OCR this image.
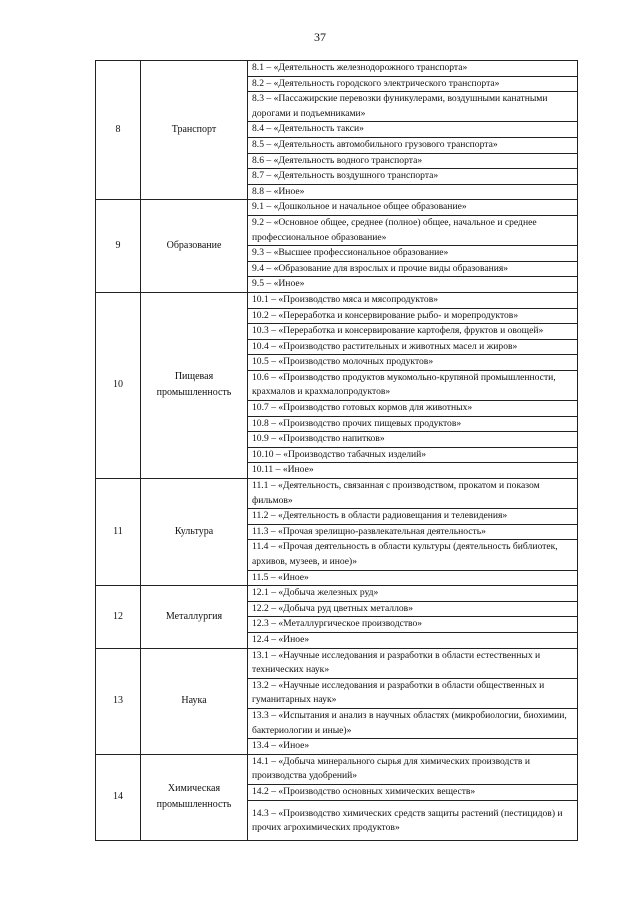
37
8	Транспорт	8.1 – «Деятельность железнодорожного транспорта»
		8.2 – «Деятельность городского электрического транспорта»
		8.3 – «Пассажирские перевозки фуникулерами, воздушными канатными дорогами и подъемниками»
		8.4 – «Деятельность такси»
		8.5 – «Деятельность автомобильного грузового транспорта»
		8.6 – «Деятельность водного транспорта»
		8.7 – «Деятельность воздушного транспорта»
		8.8 – «Иное»
9	Образование	9.1 – «Дошкольное и начальное общее образование»
		9.2 – «Основное общее, среднее (полное) общее, начальное и среднее профессиональное образование»
		9.3 – «Высшее профессиональное образование»
		9.4 – «Образование для взрослых и прочие виды образования»
		9.5 – «Иное»
10	Пищевая промышленность	10.1 – «Производство мяса и мясопродуктов»
		10.2 – «Переработка и консервирование рыбо- и морепродуктов»
		10.3 – «Переработка и консервирование картофеля, фруктов и овощей»
		10.4 – «Производство растительных и животных масел и жиров»
		10.5 – «Производство молочных продуктов»
		10.6 – «Производство продуктов мукомольно-крупяной промышленности, крахмалов и крахмалопродуктов»
		10.7 – «Производство готовых кормов для животных»
		10.8 – «Производство прочих пищевых продуктов»
		10.9 – «Производство напитков»
		10.10 – «Производство табачных изделий»
		10.11 – «Иное»
11	Культура	11.1 – «Деятельность, связанная с производством, прокатом и показом фильмов»
		11.2 – «Деятельность в области радиовещания и телевидения»
		11.3 – «Прочая зрелищно-развлекательная деятельность»
		11.4 – «Прочая деятельность в области культуры (деятельность библиотек, архивов, музеев, и иное)»
		11.5 – «Иное»
12	Металлургия	12.1 – «Добыча железных руд»
		12.2 – «Добыча руд цветных металлов»
		12.3 – «Металлургическое производство»
		12.4 – «Иное»
13	Наука	13.1 – «Научные исследования и разработки в области естественных и технических наук»
		13.2 – «Научные исследования и разработки в области общественных и гуманитарных наук»
		13.3 – «Испытания и анализ в научных областях (микробиологии, биохимии, бактериологии и иные)»
		13.4 – «Иное»
14	Химическая промышленность	14.1 – «Добыча минерального сырья для химических производств и производства удобрений»
		14.2 – «Производство основных химических веществ»
		14.3 – «Производство химических средств защиты растений (пестицидов) и прочих агрохимических продуктов»
